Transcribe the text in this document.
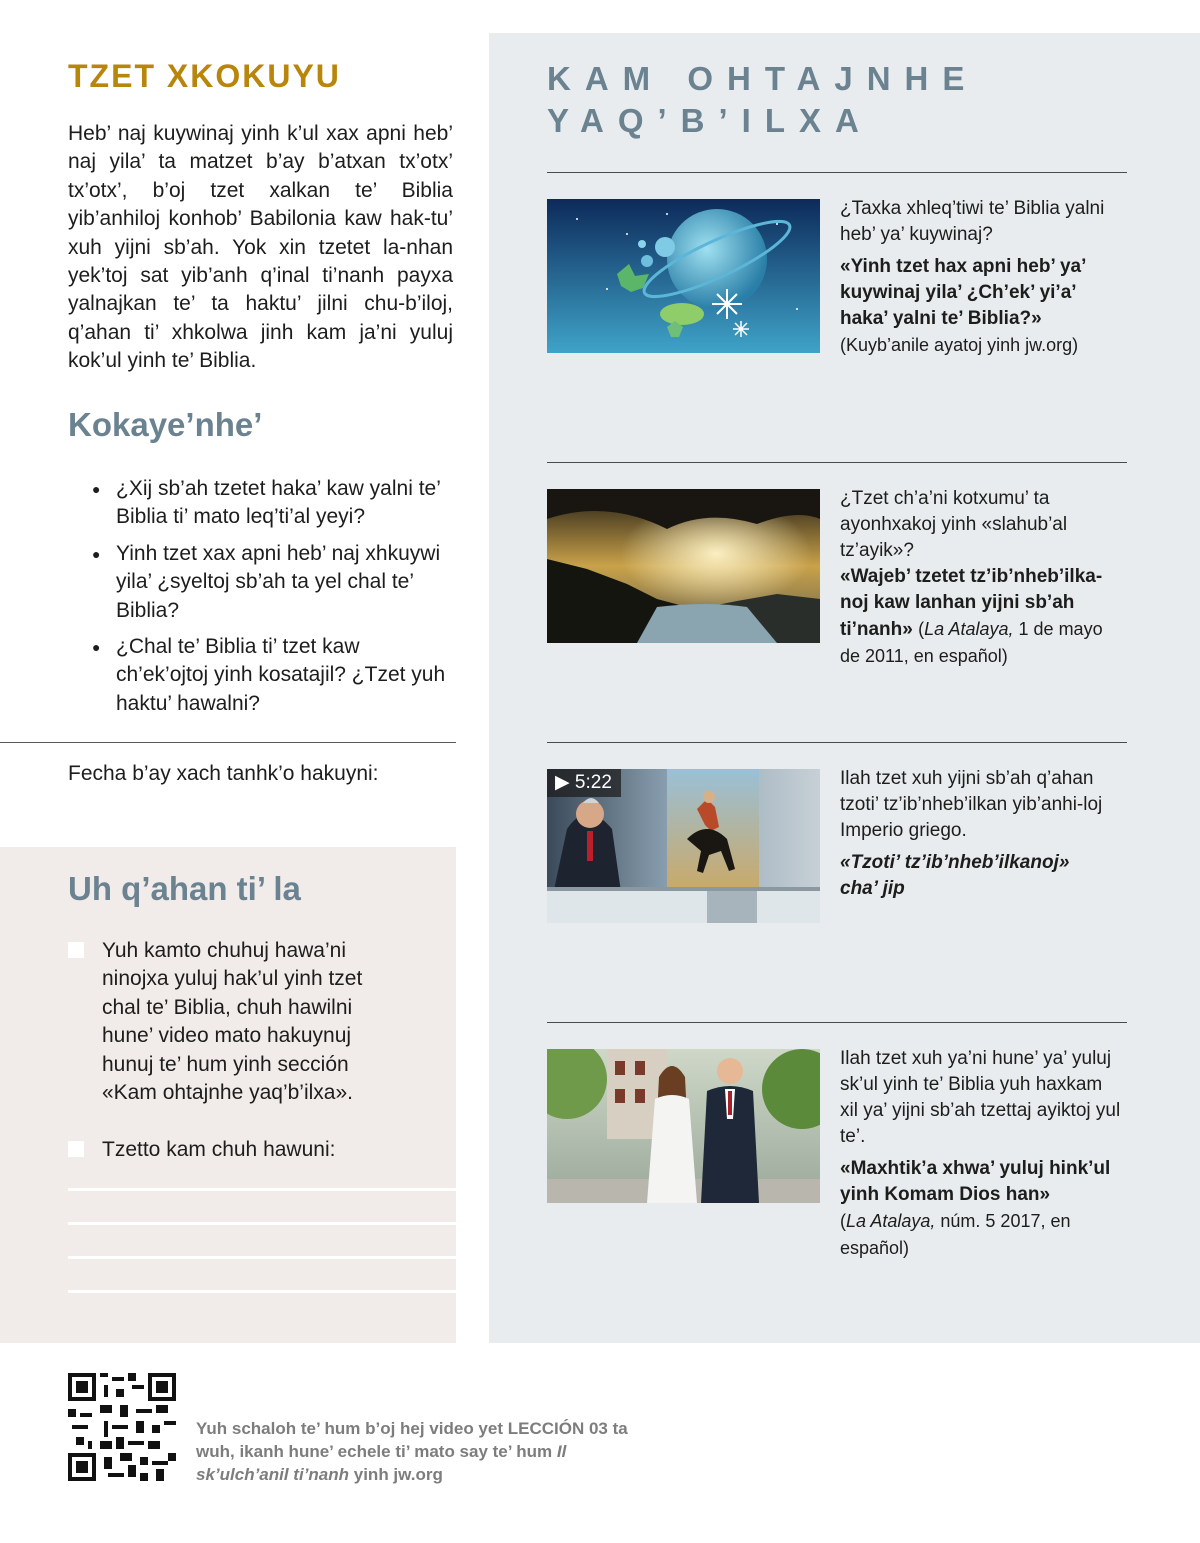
TZET XKOKUYU

Heb’ naj kuywinaj yinh k’ul xax apni heb’ naj yila’ ta matzet b’ay b’atxan tx’otx’ tx’otx’, b’oj tzet xalkan te’ Biblia yib’anhiloj konhob’ Babilonia kaw hak-tu’ xuh yijni sb’ah. Yok xin tzetet la-nhan yek’toj sat yib’anh q’inal ti’nanh payxa yalnajkan te’ ta haktu’ jilni chu-b’iloj, q’ahan ti’ xhkolwa jinh kam ja’ni yuluj kok’ul yinh te’ Biblia.

Kokaye’nhe’
● ¿Xij sb’ah tzetet haka’ kaw yalni te’ Biblia ti’ mato leq’ti’al yeyi?
● Yinh tzet xax apni heb’ naj xhkuywi yila’ ¿syeltoj sb’ah ta yel chal te’ Biblia?
● ¿Chal te’ Biblia ti’ tzet kaw ch’ek’ojtoj yinh kosatajil? ¿Tzet yuh haktu’ hawalni?

Fecha b’ay xach tanhk’o hakuyni:

Uh q’ahan ti’ la
Yuh kamto chuhuj hawa’ni ninojxa yuluj hak’ul yinh tzet chal te’ Biblia, chuh hawilni hune’ video mato hakuynuj hunuj te’ hum yinh sección «Kam ohtajnhe yaq’b’ilxa».
Tzetto kam chuh hawuni:
KAM OHTAJNHE YAQ’B’ILXA
¿Taxka xhleq’tiwi te’ Biblia yalni heb’ ya’ kuywinaj?
«Yinh tzet hax apni heb’ ya’ kuywinaj yila’ ¿Ch’ek’ yi’a’ haka’ yalni te’ Biblia?»
(Kuyb’anile ayatoj yinh jw.org)
¿Tzet ch’a’ni kotxumu’ ta ayonhxakoj yinh «slahub’al tz’ayik»?
«Wajeb’ tzetet tz’ib’nheb’ilka-noj kaw lanhan yijni sb’ah ti’nanh» (La Atalaya, 1 de mayo de 2011, en español)
▶ 5:22	Ilah tzet xuh yijni sb’ah q’ahan tzoti’ tz’ib’nheb’ilkan yib’anhi-loj Imperio griego.
«Tzoti’ tz’ib’nheb’ilkanoj»
cha’ jip
Ilah tzet xuh ya’ni hune’ ya’ yuluj sk’ul yinh te’ Biblia yuh haxkam xil ya’ yijni sb’ah tzettaj ayiktoj yul te’.
«Maxhtik’a xhwa’ yuluj hink’ul yinh Komam Dios han»
(La Atalaya, núm. 5 2017, en español)

Yuh schaloh te’ hum b’oj hej video yet LECCIÓN 03 ta wuh, ikanh hune’ echele ti’ mato say te’ hum Il sk’ulch’anil ti’nanh yinh jw.org
